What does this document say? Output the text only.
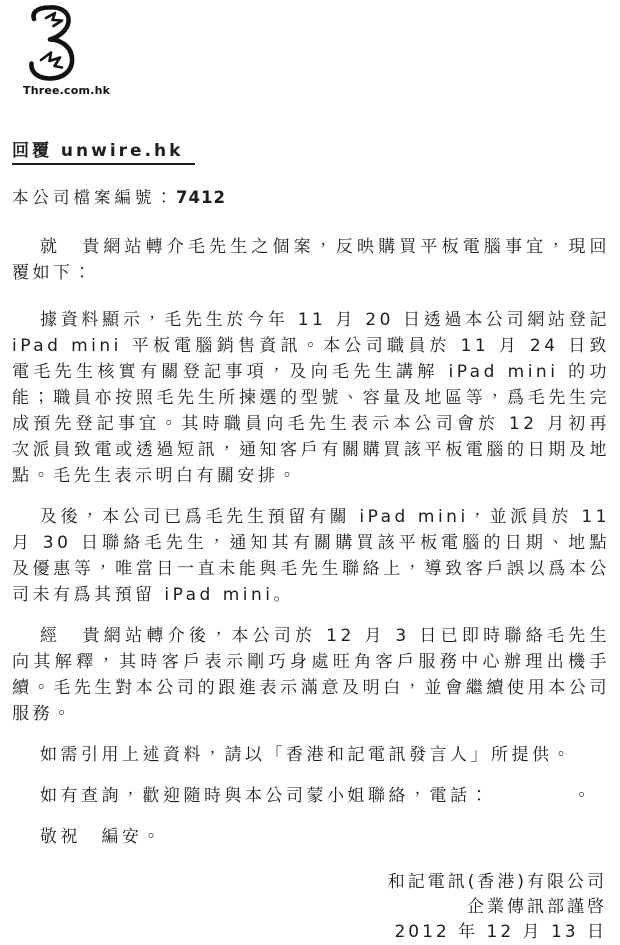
Three.com.hk
回覆 unwire.hk
本公司檔案編號：7412

就　貴網站轉介毛先生之個案，反映購買平板電腦事宜，現回覆如下：

據資料顯示，毛先生於今年 11 月 20 日透過本公司網站登記 iPad mini 平板電腦銷售資訊。本公司職員於 11 月 24 日致電毛先生核實有關登記事項，及向毛先生講解 iPad mini 的功能；職員亦按照毛先生所揀選的型號、容量及地區等，爲毛先生完成預先登記事宜。其時職員向毛先生表示本公司會於 12 月初再次派員致電或透過短訊，通知客戶有關購買該平板電腦的日期及地點。毛先生表示明白有關安排。

及後，本公司已爲毛先生預留有關 iPad mini，並派員於 11 月 30 日聯絡毛先生，通知其有關購買該平板電腦的日期、地點及優惠等，唯當日一直未能與毛先生聯絡上，導致客戶誤以爲本公司未有爲其預留 iPad mini。

經　貴網站轉介後，本公司於 12 月 3 日已即時聯絡毛先生向其解釋，其時客戶表示剛巧身處旺角客戶服務中心辦理出機手續。毛先生對本公司的跟進表示滿意及明白，並會繼續使用本公司服務。

如需引用上述資料，請以「香港和記電訊發言人」所提供。

如有查詢，歡迎隨時與本公司蒙小姐聯絡，電話：　　　　。

敬祝　編安。

和記電訊(香港)有限公司
企業傳訊部謹啓
2012 年 12 月 13 日
